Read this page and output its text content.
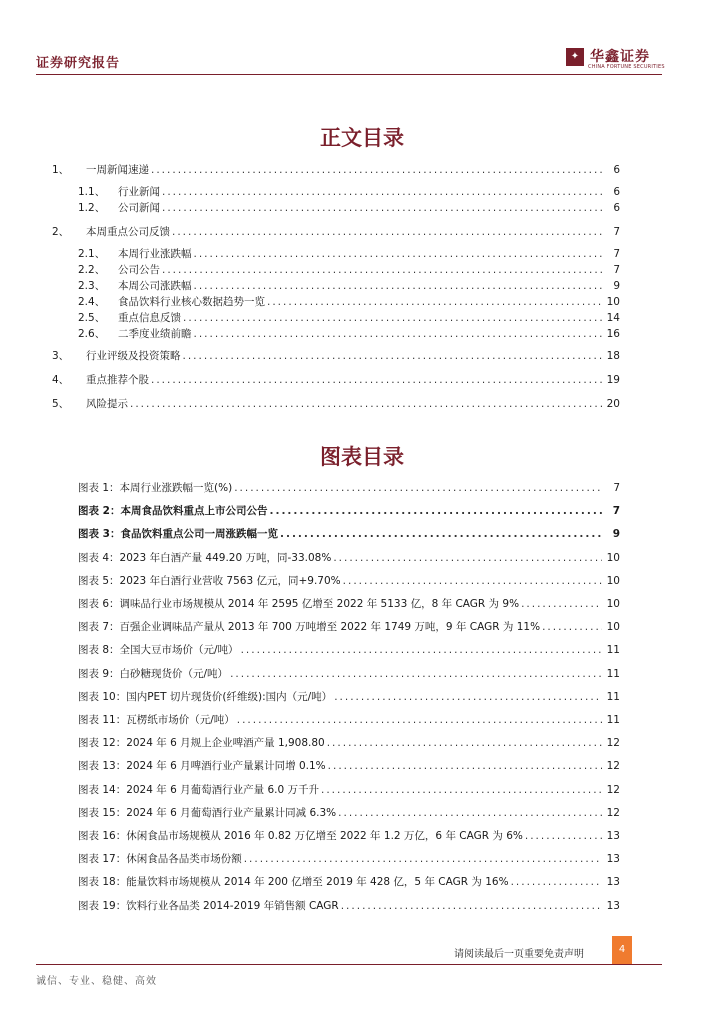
证券研究报告	✦ 华鑫证券
CHINA FORTUNE SECURITIES
正文目录
1、	一周新闻速递 .....	6
1.1、	行业新闻 .....	6
1.2、	公司新闻 .....	6
2、	本周重点公司反馈 .....	7
2.1、	本周行业涨跌幅 .....	7
2.2、	公司公告 .....	7
2.3、	本周公司涨跌幅 .....	9
2.4、	食品饮料行业核心数据趋势一览 .....	10
2.5、	重点信息反馈 .....	14
2.6、	二季度业绩前瞻 .....	16
3、	行业评级及投资策略 .....	18
4、	重点推荐个股 .....	19
5、	风险提示 .....	20
图表目录
图表 1：本周行业涨跌幅一览(%) .....	7
图表 2：本周食品饮料重点上市公司公告 .....	7
图表 3：食品饮料重点公司一周涨跌幅一览 .....	9
图表 4：2023 年白酒产量 449.20 万吨，同-33.08% .....	10
图表 5：2023 年白酒行业营收 7563 亿元，同+9.70% .....	10
图表 6：调味品行业市场规模从 2014 年 2595 亿增至 2022 年 5133 亿，8 年 CAGR 为 9% .....	10
图表 7：百强企业调味品产量从 2013 年 700 万吨增至 2022 年 1749 万吨，9 年 CAGR 为 11% .....	10
图表 8：全国大豆市场价（元/吨） .....	11
图表 9：白砂糖现货价（元/吨） .....	11
图表 10：国内PET 切片现货价(纤维级):国内（元/吨） .....	11
图表 11：瓦楞纸市场价（元/吨） .....	11
图表 12：2024 年 6 月规上企业啤酒产量 1,908.80 .....	12
图表 13：2024 年 6 月啤酒行业产量累计同增 0.1% .....	12
图表 14：2024 年 6 月葡萄酒行业产量 6.0 万千升 .....	12
图表 15：2024 年 6 月葡萄酒行业产量累计同减 6.3% .....	12
图表 16：休闲食品市场规模从 2016 年 0.82 万亿增至 2022 年 1.2 万亿，6 年 CAGR 为 6% .....	13
图表 17：休闲食品各品类市场份额 .....	13
图表 18：能量饮料市场规模从 2014 年 200 亿增至 2019 年 428 亿，5 年 CAGR 为 16% .....	13
图表 19：饮料行业各品类 2014-2019 年销售额 CAGR .....	13
请阅读最后一页重要免责声明	4
诚信、专业、稳健、高效
